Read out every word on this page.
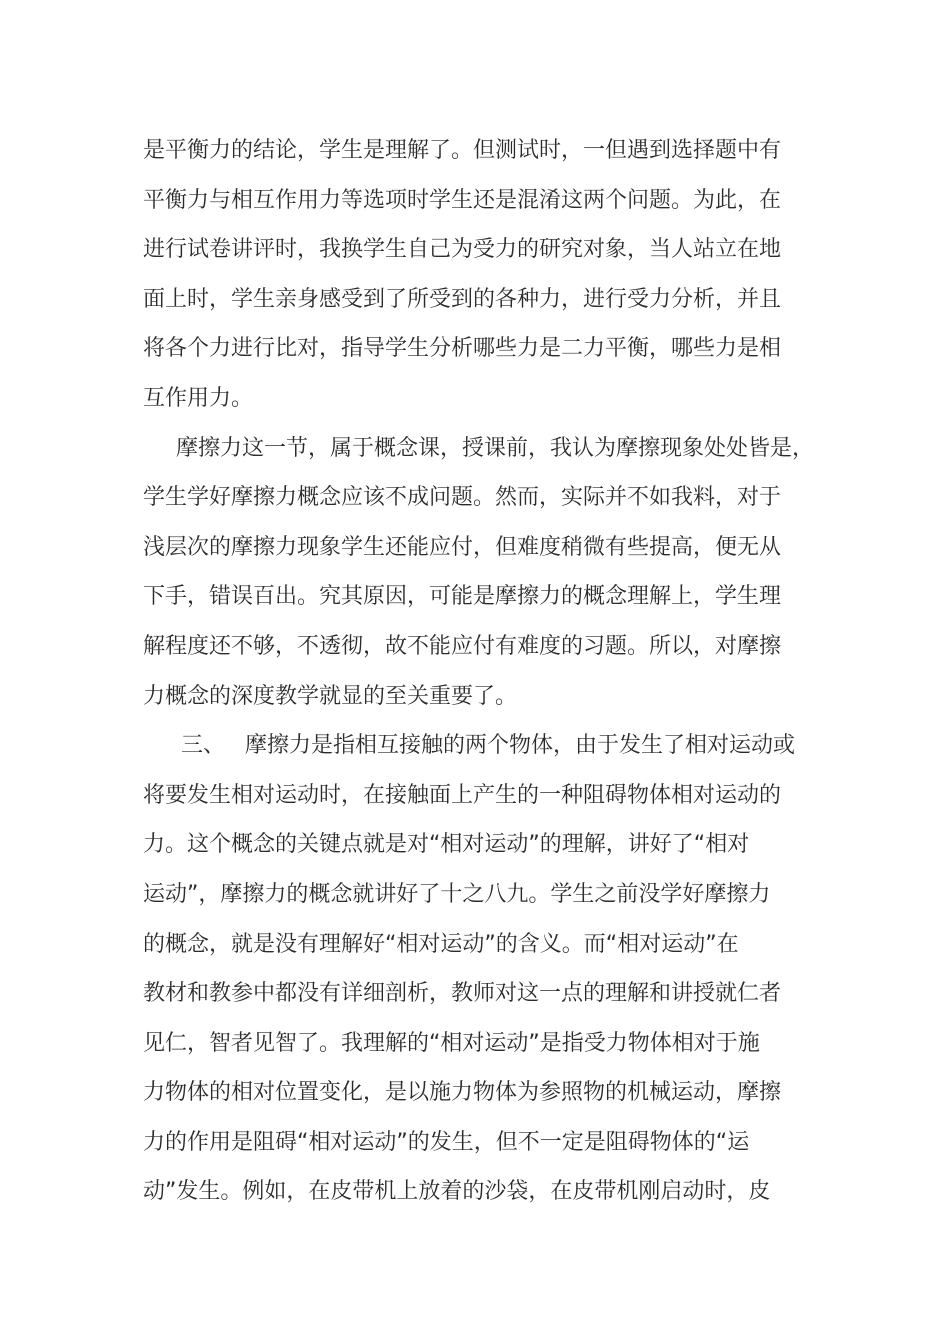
是平衡力的结论，学生是理解了。但测试时，一但遇到选择题中有
平衡力与相互作用力等选项时学生还是混淆这两个问题。为此，在
进行试卷讲评时，我换学生自己为受力的研究对象，当人站立在地
面上时，学生亲身感受到了所受到的各种力，进行受力分析，并且
将各个力进行比对，指导学生分析哪些力是二力平衡，哪些力是相
互作用力。
摩擦力这一节，属于概念课，授课前，我认为摩擦现象处处皆是，
学生学好摩擦力概念应该不成问题。然而，实际并不如我料，对于
浅层次的摩擦力现象学生还能应付，但难度稍微有些提高，便无从
下手，错误百出。究其原因，可能是摩擦力的概念理解上，学生理
解程度还不够，不透彻，故不能应付有难度的习题。所以，对摩擦
力概念的深度教学就显的至关重要了。
三、 摩擦力是指相互接触的两个物体，由于发生了相对运动或
将要发生相对运动时，在接触面上产生的一种阻碍物体相对运动的
力。这个概念的关键点就是对“相对运动”的理解，讲好了“相对
运动”，摩擦力的概念就讲好了十之八九。学生之前没学好摩擦力
的概念，就是没有理解好“相对运动”的含义。而“相对运动”在
教材和教参中都没有详细剖析，教师对这一点的理解和讲授就仁者
见仁，智者见智了。我理解的“相对运动”是指受力物体相对于施
力物体的相对位置变化，是以施力物体为参照物的机械运动，摩擦
力的作用是阻碍“相对运动”的发生，但不一定是阻碍物体的“运
动”发生。例如，在皮带机上放着的沙袋，在皮带机刚启动时，皮
